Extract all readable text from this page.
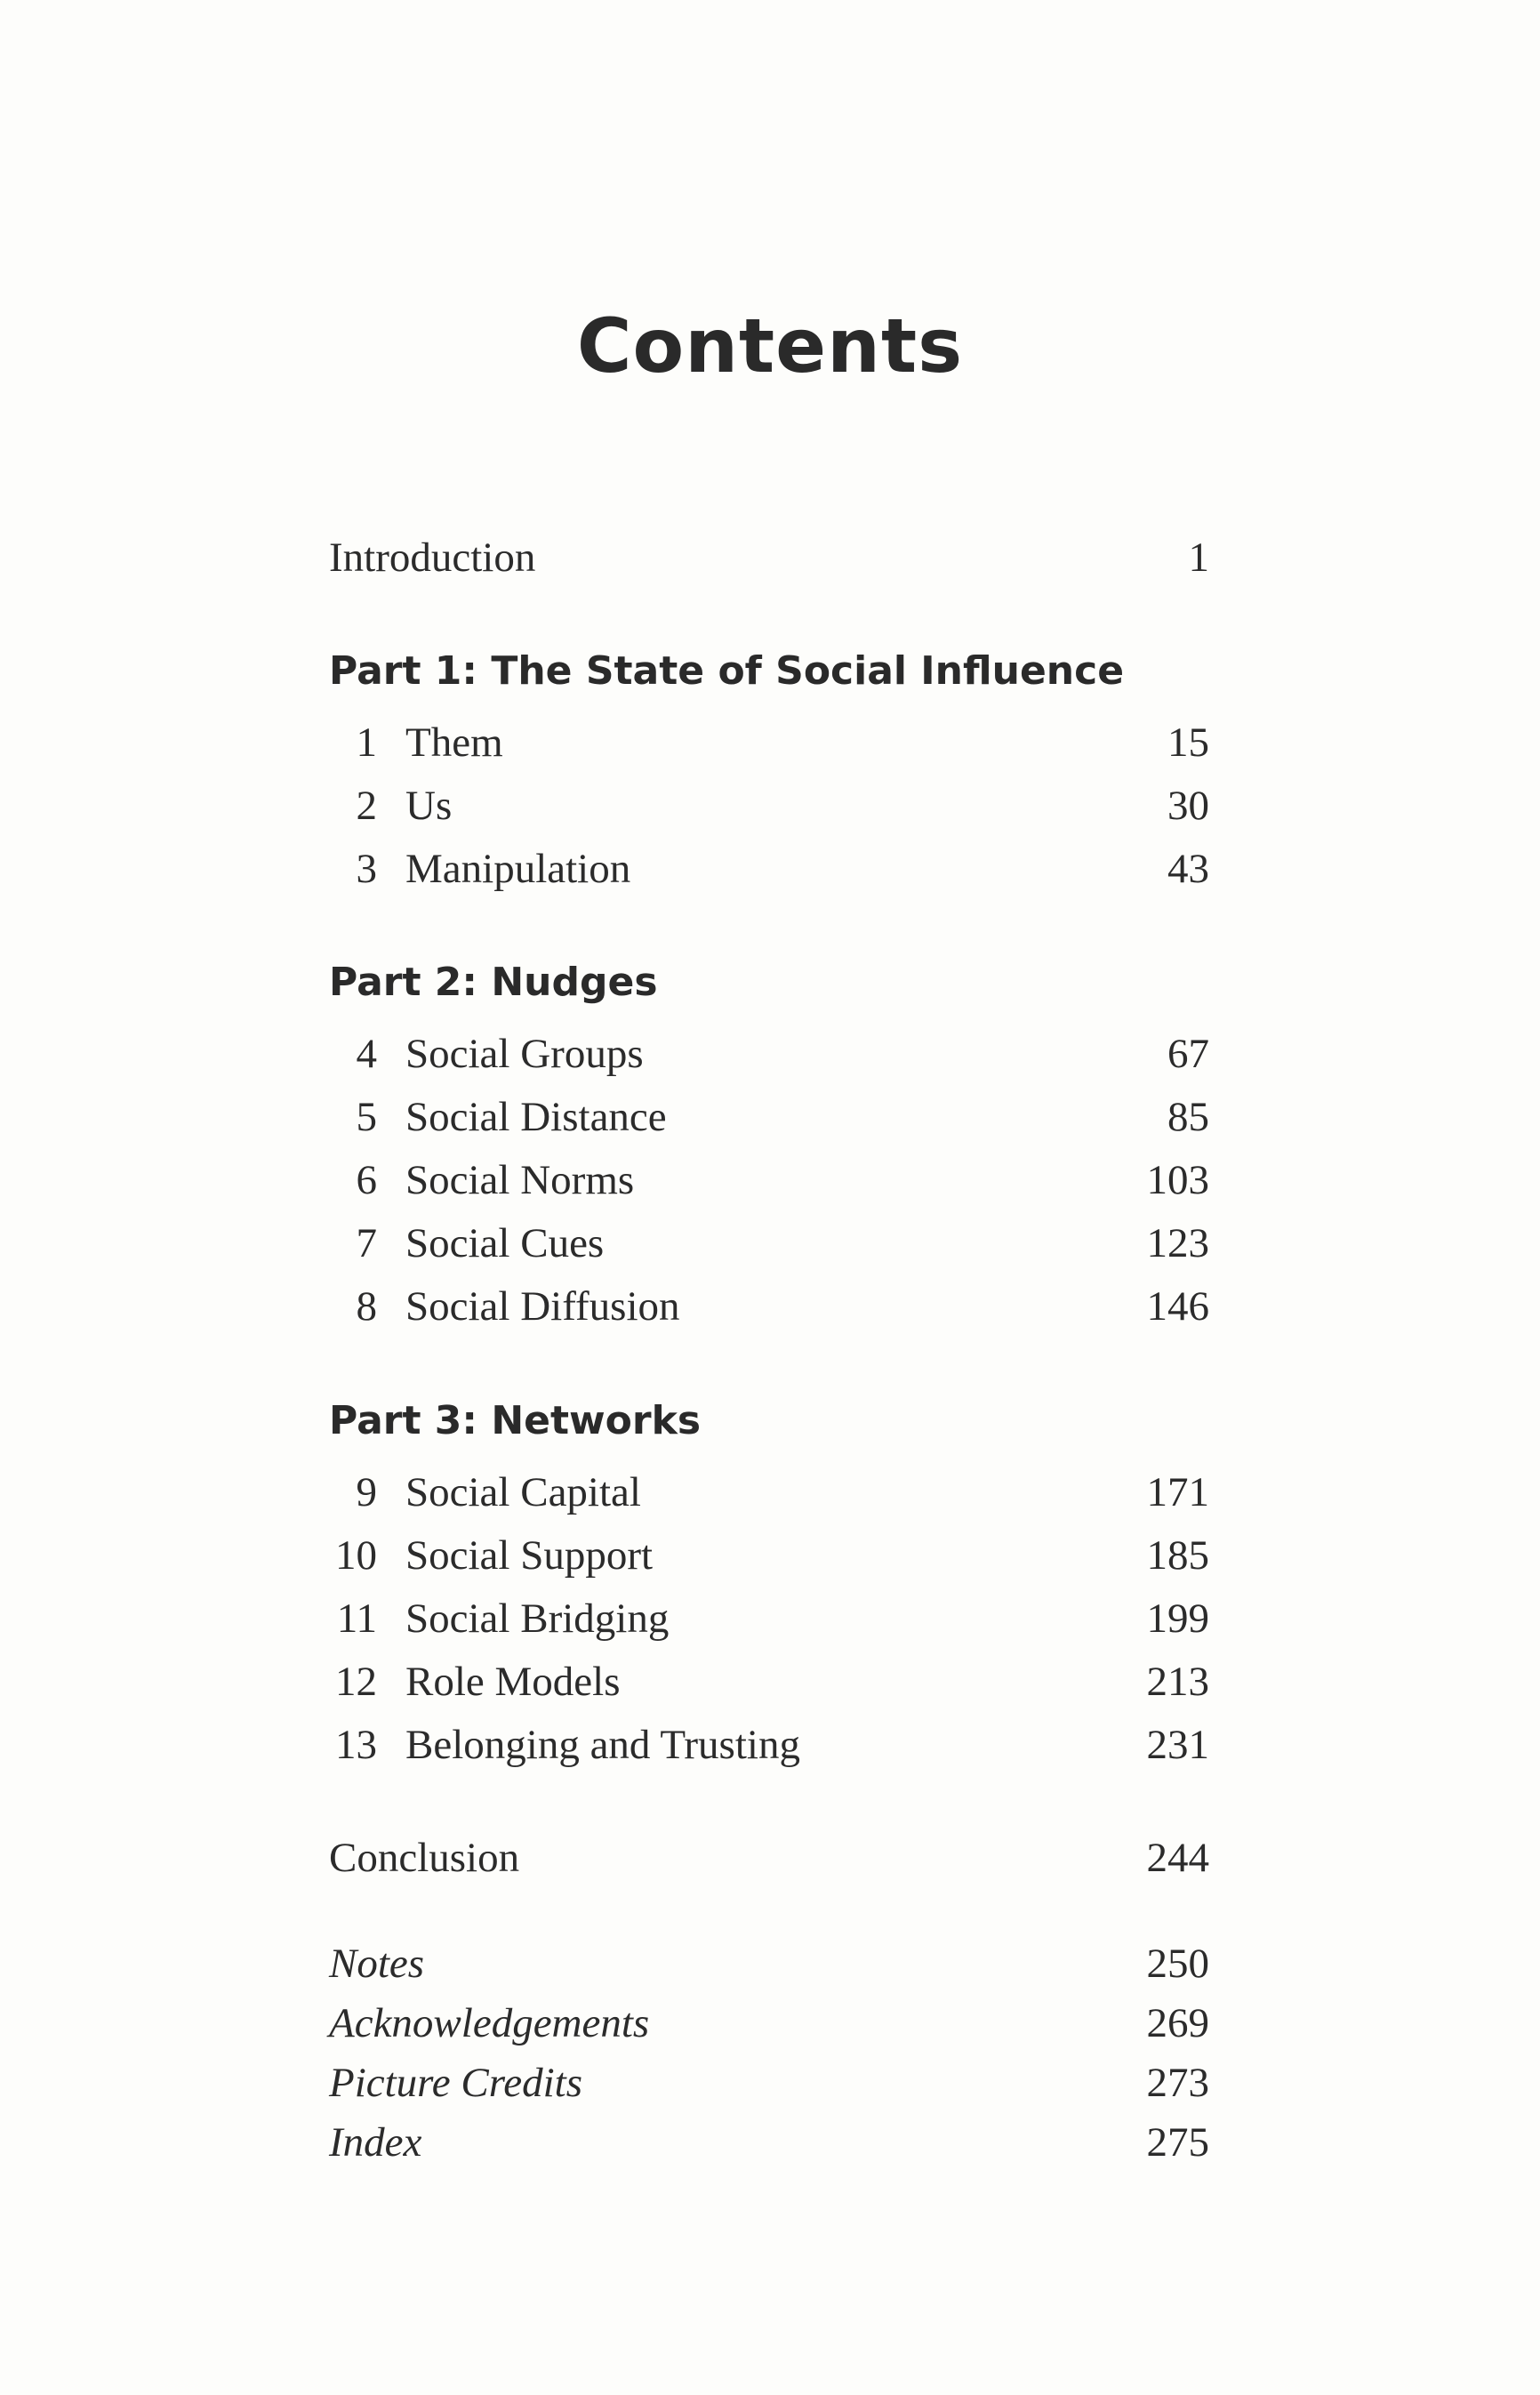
Contents
Introduction	1
Part 1: The State of Social Influence
1 Them	15
2 Us	30
3 Manipulation	43
Part 2: Nudges
4 Social Groups	67
5 Social Distance	85
6 Social Norms	103
7 Social Cues	123
8 Social Diffusion	146
Part 3: Networks
9 Social Capital	171
10 Social Support	185
11 Social Bridging	199
12 Role Models	213
13 Belonging and Trusting	231
Conclusion	244
Notes	250
Acknowledgements	269
Picture Credits	273
Index	275
